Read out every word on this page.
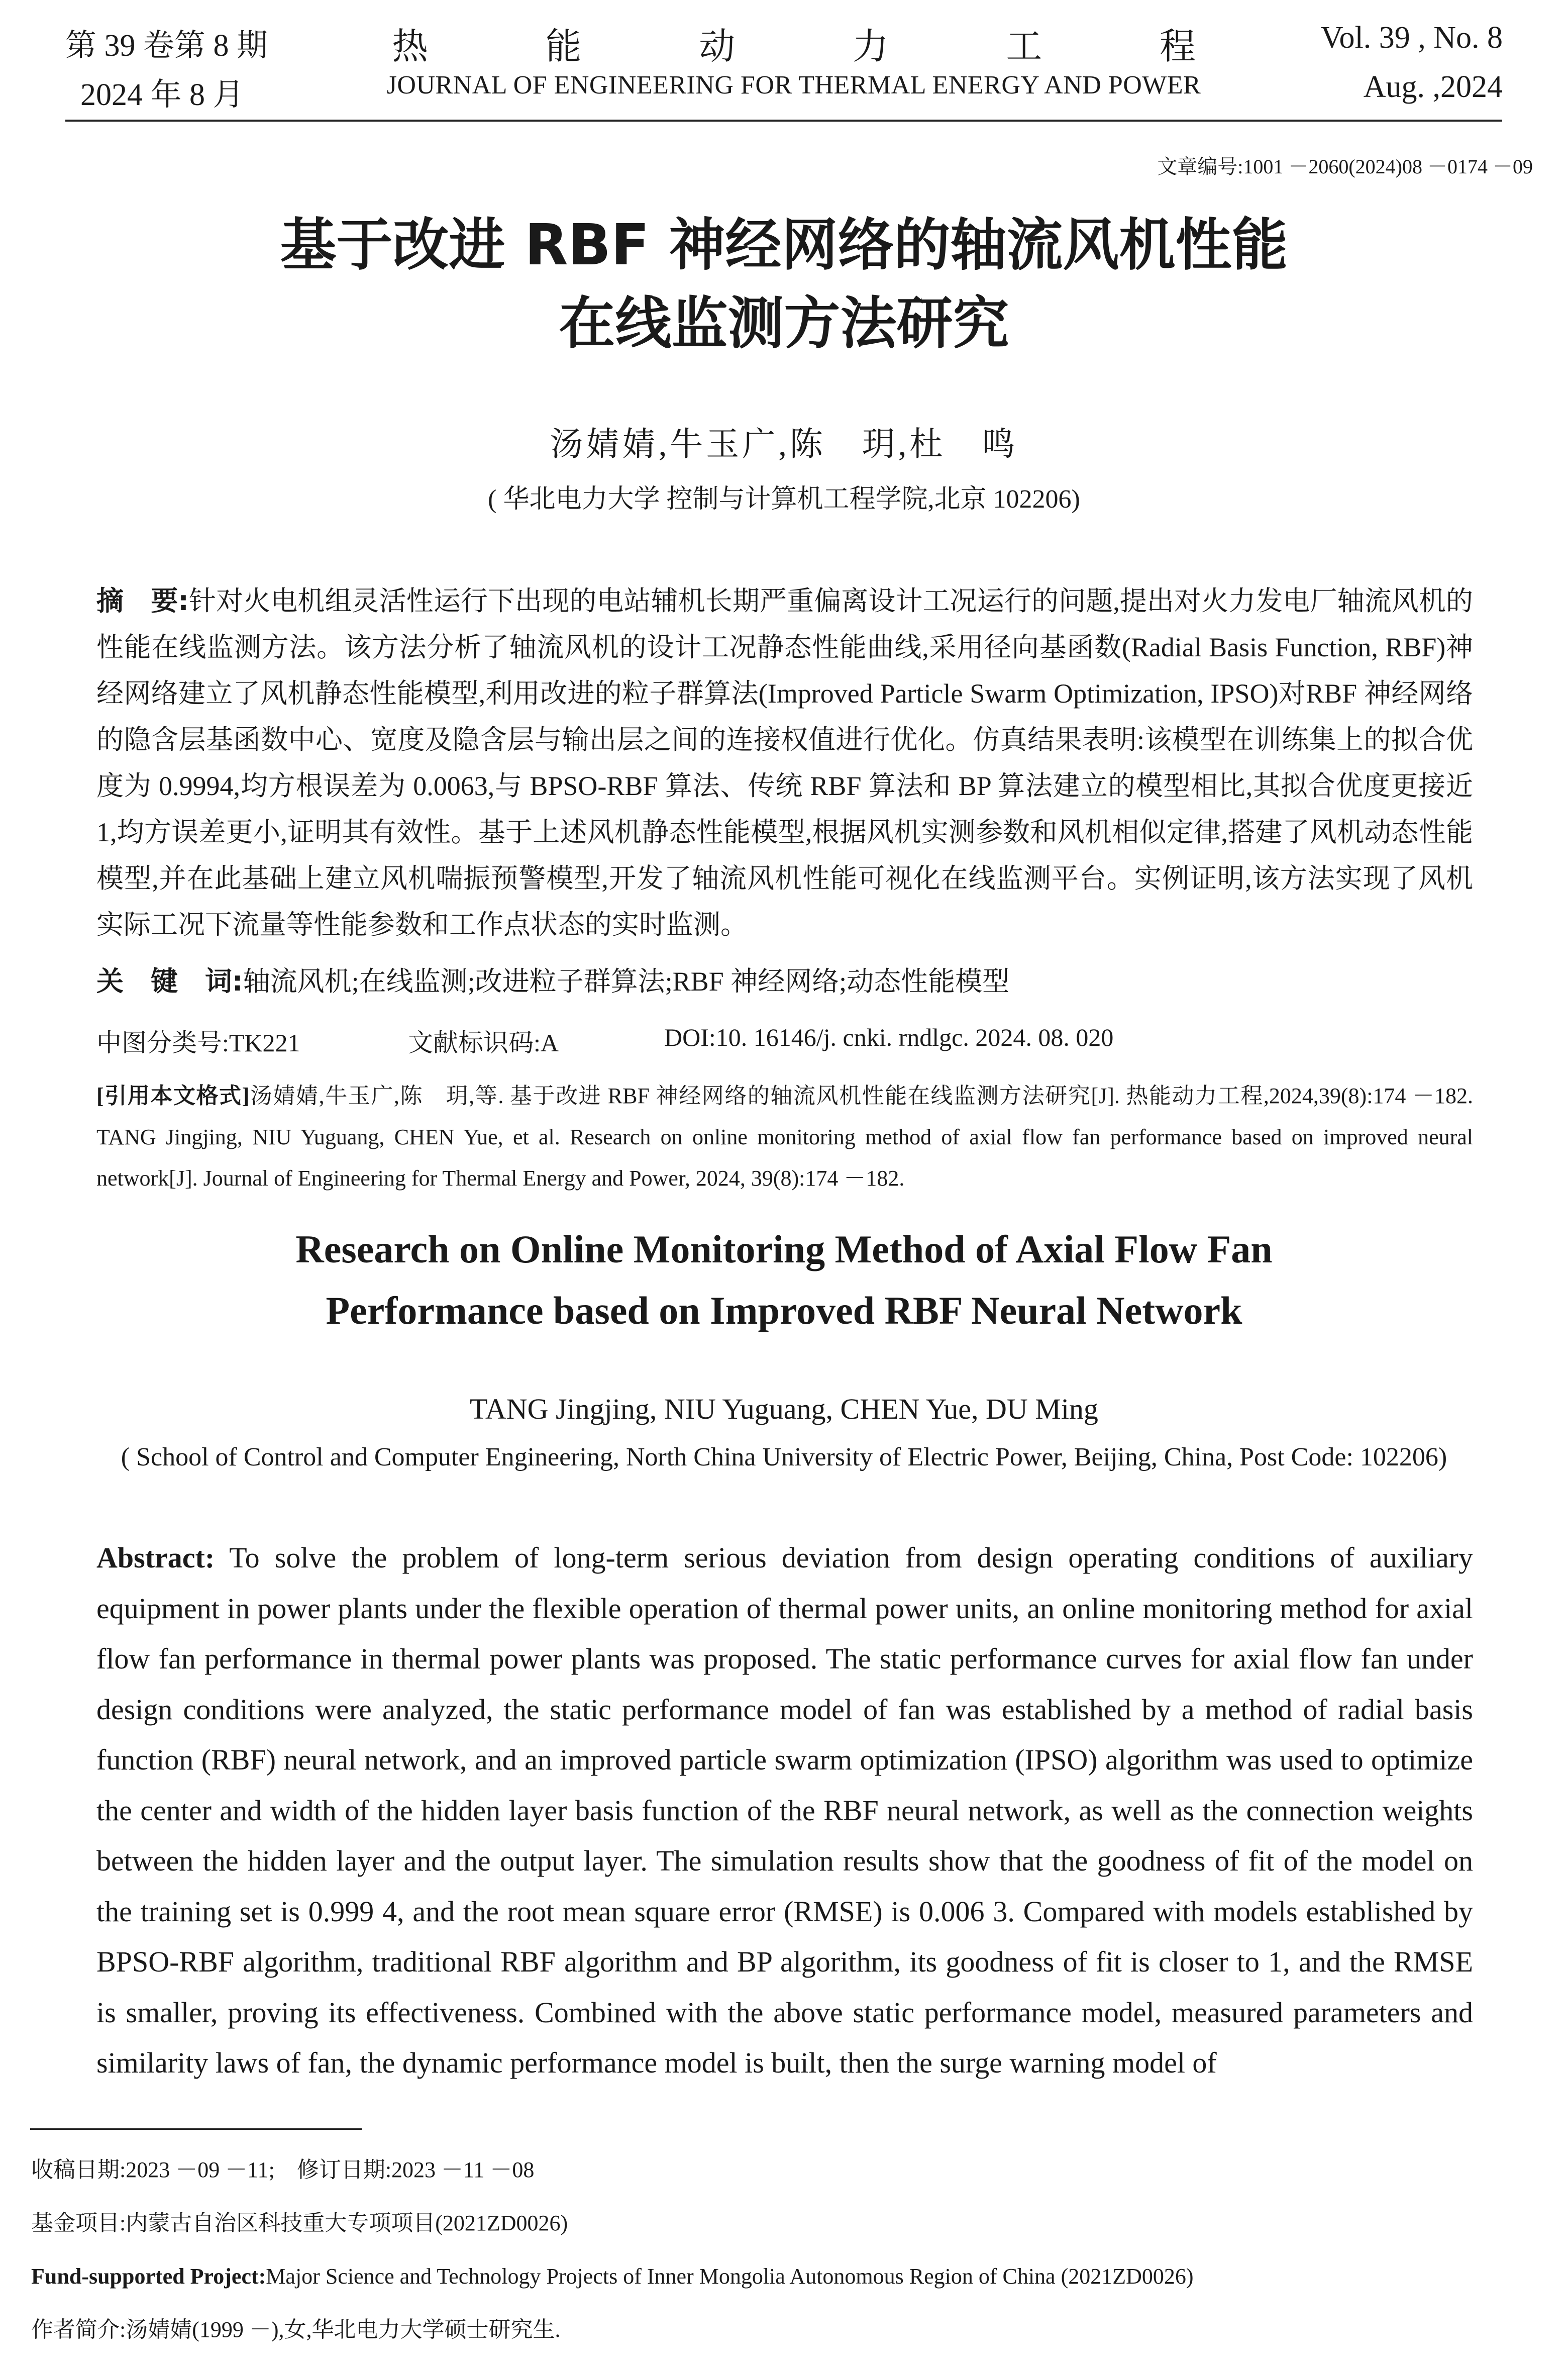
第 39 卷第 8 期
2024 年 8 月
热	能	动	力	工	程
JOURNAL OF ENGINEERING FOR THERMAL ENERGY AND POWER
Vol. 39 , No. 8
Aug. ,2024
文章编号:1001 －2060(2024)08 －0174 －09
基于改进 RBF 神经网络的轴流风机性能
在线监测方法研究
汤婧婧,牛玉广,陈　玥,杜　鸣
( 华北电力大学 控制与计算机工程学院,北京 102206)
摘　要:针对火电机组灵活性运行下出现的电站辅机长期严重偏离设计工况运行的问题,提出对火力发电厂轴流风机的性能在线监测方法。该方法分析了轴流风机的设计工况静态性能曲线,采用径向基函数(Radial Basis Function, RBF)神经网络建立了风机静态性能模型,利用改进的粒子群算法(Improved Particle Swarm Optimization, IPSO)对RBF 神经网络的隐含层基函数中心、宽度及隐含层与输出层之间的连接权值进行优化。仿真结果表明:该模型在训练集上的拟合优度为 0.9994,均方根误差为 0.0063,与 BPSO-RBF 算法、传统 RBF 算法和 BP 算法建立的模型相比,其拟合优度更接近 1,均方误差更小,证明其有效性。基于上述风机静态性能模型,根据风机实测参数和风机相似定律,搭建了风机动态性能模型,并在此基础上建立风机喘振预警模型,开发了轴流风机性能可视化在线监测平台。实例证明,该方法实现了风机实际工况下流量等性能参数和工作点状态的实时监测。
关　键　词:轴流风机;在线监测;改进粒子群算法;RBF 神经网络;动态性能模型
中图分类号:TK221	文献标识码:A	DOI:10. 16146/j. cnki. rndlgc. 2024. 08. 020
[引用本文格式]汤婧婧,牛玉广,陈　玥,等. 基于改进 RBF 神经网络的轴流风机性能在线监测方法研究[J]. 热能动力工程,2024,39(8):174 －182. TANG Jingjing, NIU Yuguang, CHEN Yue, et al. Research on online monitoring method of axial flow fan performance based on improved neural network[J]. Journal of Engineering for Thermal Energy and Power, 2024, 39(8):174 －182.
Research on Online Monitoring Method of Axial Flow Fan
Performance based on Improved RBF Neural Network
TANG Jingjing, NIU Yuguang, CHEN Yue, DU Ming
( School of Control and Computer Engineering, North China University of Electric Power, Beijing, China, Post Code: 102206)
Abstract: To solve the problem of long-term serious deviation from design operating conditions of auxiliary equipment in power plants under the flexible operation of thermal power units, an online monitoring method for axial flow fan performance in thermal power plants was proposed. The static performance curves for axial flow fan under design conditions were analyzed, the static performance model of fan was established by a method of radial basis function (RBF) neural network, and an improved particle swarm optimization (IPSO) algorithm was used to optimize the center and width of the hidden layer basis function of the RBF neural network, as well as the connection weights between the hidden layer and the output layer. The simulation results show that the goodness of fit of the model on the training set is 0.999 4, and the root mean square error (RMSE) is 0.006 3. Compared with models established by BPSO-RBF algorithm, traditional RBF algorithm and BP algorithm, its goodness of fit is closer to 1, and the RMSE is smaller, proving its effectiveness. Combined with the above static performance model, measured parameters and similarity laws of fan, the dynamic performance model is built, then the surge warning model of
收稿日期:2023 －09 －11;　修订日期:2023 －11 －08
基金项目:内蒙古自治区科技重大专项项目(2021ZD0026)
Fund-supported Project:Major Science and Technology Projects of Inner Mongolia Autonomous Region of China (2021ZD0026)
作者简介:汤婧婧(1999 －),女,华北电力大学硕士研究生.
